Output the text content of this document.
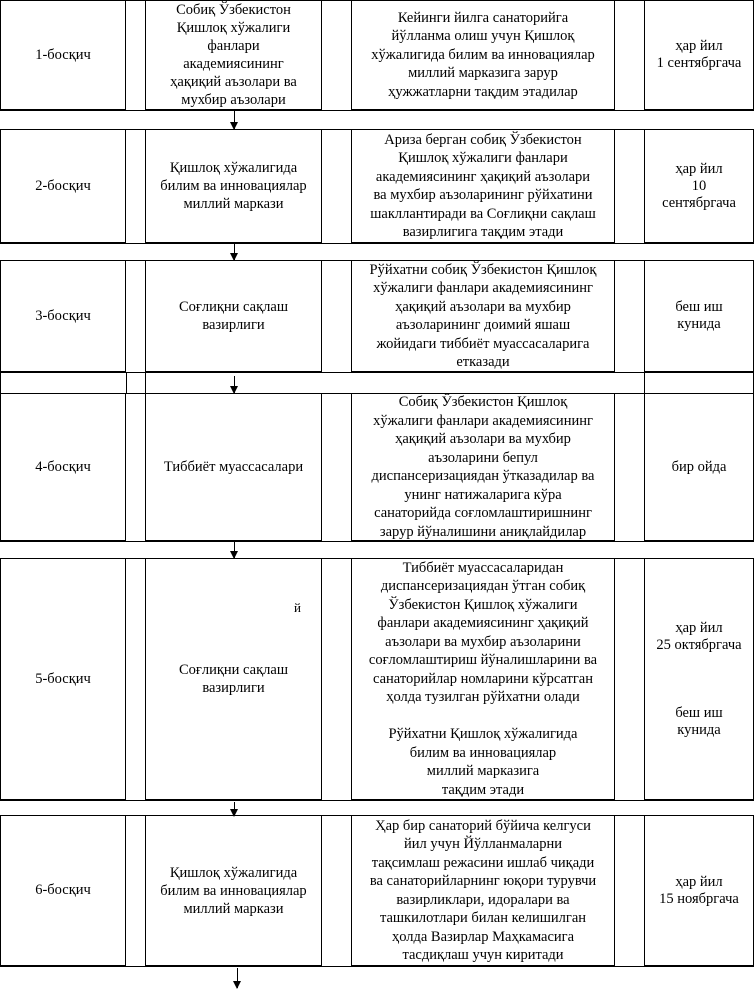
1-босқич
Собиқ Ўзбекистон
Қишлоқ хўжалиги
фанлари
академиясининг
ҳақиқий аъзолари ва
мухбир аъзолари
Кейинги йилга санаторийга
йўлланма олиш учун Қишлоқ
хўжалигида билим ва инновациялар
миллий марказига зарур
ҳужжатларни тақдим этадилар
ҳар йил
1 сентябргача
2-босқич
Қишлоқ хўжалигида
билим ва инновациялар
миллий маркази
Ариза берган собиқ Ўзбекистон
Қишлоқ хўжалиги фанлари
академиясининг ҳақиқий аъзолари
ва мухбир аъзоларининг рўйхатини
шакллантиради ва Соғлиқни сақлаш
вазирлигига тақдим этади
ҳар йил
10
сентябргача
3-босқич
Соғлиқни сақлаш
вазирлиги
Рўйхатни собиқ Ўзбекистон Қишлоқ
хўжалиги фанлари академиясининг
ҳақиқий аъзолари ва мухбир
аъзоларининг доимий яшаш
жойидаги тиббиёт муассасаларига
етказади
беш иш
кунида
4-босқич	Тиббиёт муассасалари
Собиқ Ўзбекистон Қишлоқ
хўжалиги фанлари академиясининг
ҳақиқий аъзолари ва мухбир
аъзоларини бепул
диспансеризациядан ўтказадилар ва
унинг натижаларига кўра
санаторийда соғломлаштиришнинг
зарур йўналишини аниқлайдилар
бир ойда
5-босқич
Соғлиқни сақлаш
вазирлиги
й
Тиббиёт муассасаларидан
диспансеризациядан ўтган собиқ
Ўзбекистон Қишлоқ хўжалиги
фанлари академиясининг ҳақиқий
аъзолари ва мухбир аъзоларини
соғломлаштириш йўналишларини ва
санаторийлар номларини кўрсатган
ҳолда тузилган рўйхатни олади

Рўйхатни Қишлоқ хўжалигида
билим ва инновациялар
миллий марказига
тақдим этади
ҳар йил
25 октябргача

беш иш
кунида
6-босқич
Қишлоқ хўжалигида
билим ва инновациялар
миллий маркази
Ҳар бир санаторий бўйича келгуси
йил учун Йўлланмаларни
тақсимлаш режасини ишлаб чиқади
ва санаторийларнинг юқори турувчи
вазирликлари, идоралари ва
ташкилотлари билан келишилган
ҳолда Вазирлар Маҳкамасига
тасдиқлаш учун киритади
ҳар йил
15 ноябргача
